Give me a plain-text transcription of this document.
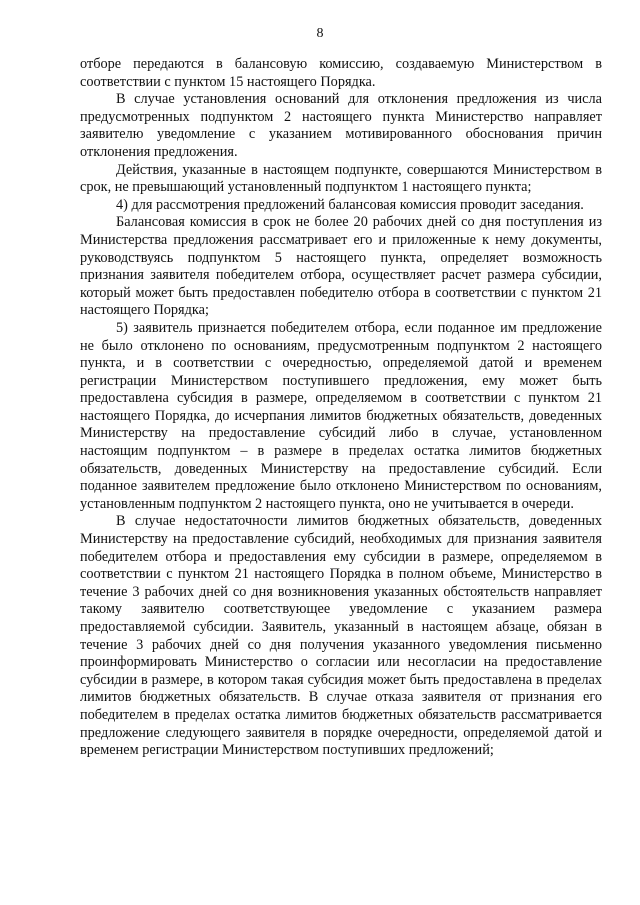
8

отборе передаются в балансовую комиссию, создаваемую Министерством в соответствии с пунктом 15 настоящего Порядка.

В случае установления оснований для отклонения предложения из числа предусмотренных подпунктом 2 настоящего пункта Министерство направляет заявителю уведомление с указанием мотивированного обоснования причин отклонения предложения.

Действия, указанные в настоящем подпункте, совершаются Министерством в срок, не превышающий установленный подпунктом 1 настоящего пункта;

4) для рассмотрения предложений балансовая комиссия проводит заседания.

Балансовая комиссия в срок не более 20 рабочих дней со дня поступления из Министерства предложения рассматривает его и приложенные к нему документы, руководствуясь подпунктом 5 настоящего пункта, определяет возможность признания заявителя победителем отбора, осуществляет расчет размера субсидии, который может быть предоставлен победителю отбора в соответствии с пунктом 21 настоящего Порядка;

5) заявитель признается победителем отбора, если поданное им предложение не было отклонено по основаниям, предусмотренным подпунктом 2 настоящего пункта, и в соответствии с очередностью, определяемой датой и временем регистрации Министерством поступившего предложения, ему может быть предоставлена субсидия в размере, определяемом в соответствии с пунктом 21 настоящего Порядка, до исчерпания лимитов бюджетных обязательств, доведенных Министерству на предоставление субсидий либо в случае, установленном настоящим подпунктом – в размере в пределах остатка лимитов бюджетных обязательств, доведенных Министерству на предоставление субсидий. Если поданное заявителем предложение было отклонено Министерством по основаниям, установленным подпунктом 2 настоящего пункта, оно не учитывается в очереди.

В случае недостаточности лимитов бюджетных обязательств, доведенных Министерству на предоставление субсидий, необходимых для признания заявителя победителем отбора и предоставления ему субсидии в размере, определяемом в соответствии с пунктом 21 настоящего Порядка в полном объеме, Министерство в течение 3 рабочих дней со дня возникновения указанных обстоятельств направляет такому заявителю соответствующее уведомление с указанием размера предоставляемой субсидии. Заявитель, указанный в настоящем абзаце, обязан в течение 3 рабочих дней со дня получения указанного уведомления письменно проинформировать Министерство о согласии или несогласии на предоставление субсидии в размере, в котором такая субсидия может быть предоставлена в пределах лимитов бюджетных обязательств. В случае отказа заявителя от признания его победителем в пределах остатка лимитов бюджетных обязательств рассматривается предложение следующего заявителя в порядке очередности, определяемой датой и временем регистрации Министерством поступивших предложений;
